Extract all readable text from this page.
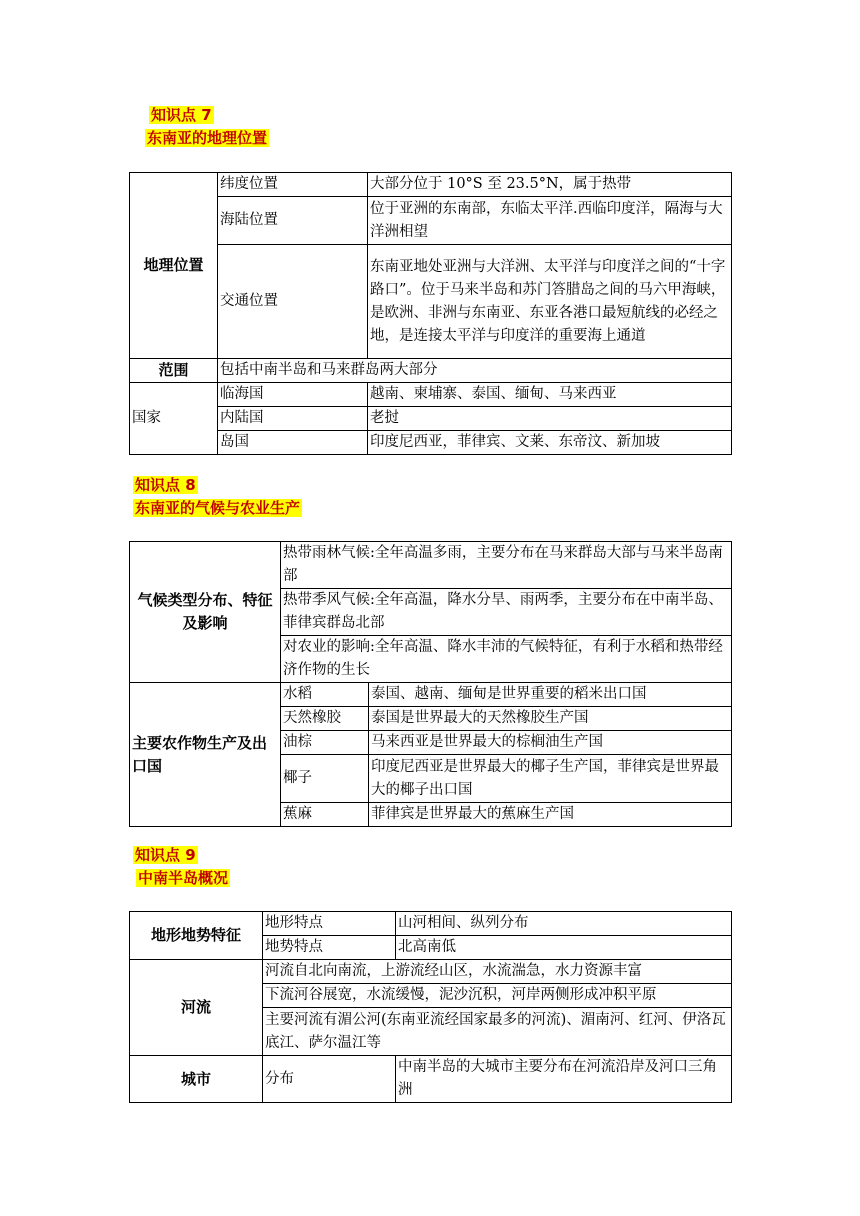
知识点 7
东南亚的地理位置
地理位置	纬度位置	大部分位于 10°S 至 23.5°N，属于热带
	海陆位置	位于亚洲的东南部，东临太平洋.西临印度洋，隔海与大洋洲相望
	交通位置	东南亚地处亚洲与大洋洲、太平洋与印度洋之间的“十字路口”。位于马来半岛和苏门答腊岛之间的马六甲海峡，是欧洲、非洲与东南亚、东亚各港口最短航线的必经之地，是连接太平洋与印度洋的重要海上通道
范围	包括中南半岛和马来群岛两大部分	
国家	临海国	越南、柬埔寨、泰国、缅甸、马来西亚
	内陆国	老挝
	岛国	印度尼西亚，菲律宾、文莱、东帝汶、新加坡
知识点 8
东南亚的气候与农业生产
气候类型分布、特征及影响	热带雨林气候:全年高温多雨，主要分布在马来群岛大部与马来半岛南部	
	热带季风气候:全年高温，降水分旱、雨两季，主要分布在中南半岛、菲律宾群岛北部	
	对农业的影响:全年高温、降水丰沛的气候特征，有利于水稻和热带经济作物的生长	
主要农作物生产及出口国	水稻	泰国、越南、缅甸是世界重要的稻米出口国
	天然橡胶	泰国是世界最大的天然橡胶生产国
	油棕	马来西亚是世界最大的棕榈油生产国
	椰子	印度尼西亚是世界最大的椰子生产国，菲律宾是世界最大的椰子出口国
	蕉麻	菲律宾是世界最大的蕉麻生产国
知识点 9
中南半岛概况
地形地势特征	地形特点	山河相间、纵列分布
	地势特点	北高南低
河流	河流自北向南流，上游流经山区，水流湍急，水力资源丰富	
	下流河谷展宽，水流缓慢，泥沙沉积，河岸两侧形成冲积平原	
	主要河流有湄公河(东南亚流经国家最多的河流)、湄南河、红河、伊洛瓦底江、萨尔温江等	
城市	分布	中南半岛的大城市主要分布在河流沿岸及河口三角洲
